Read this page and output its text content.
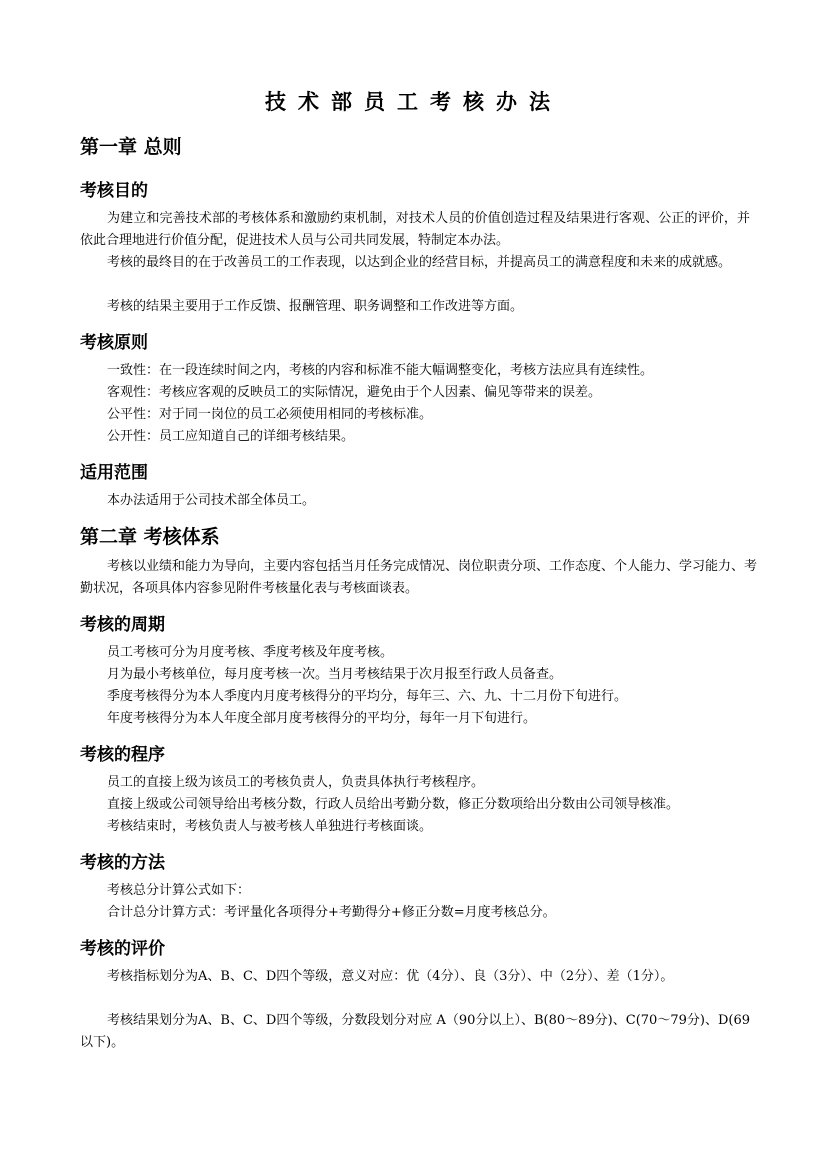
技术部员工考核办法
第一章 总则
考核目的

为建立和完善技术部的考核体系和激励约束机制，对技术人员的价值创造过程及结果进行客观、公正的评价，并依此合理地进行价值分配，促进技术人员与公司共同发展，特制定本办法。

考核的最终目的在于改善员工的工作表现，以达到企业的经营目标，并提高员工的满意程度和未来的成就感。

考核的结果主要用于工作反馈、报酬管理、职务调整和工作改进等方面。

考核原则

一致性：在一段连续时间之内，考核的内容和标准不能大幅调整变化，考核方法应具有连续性。

客观性：考核应客观的反映员工的实际情况，避免由于个人因素、偏见等带来的误差。

公平性：对于同一岗位的员工必须使用相同的考核标准。

公开性：员工应知道自己的详细考核结果。

适用范围

本办法适用于公司技术部全体员工。

第二章 考核体系

考核以业绩和能力为导向，主要内容包括当月任务完成情况、岗位职责分项、工作态度、个人能力、学习能力、考勤状况，各项具体内容参见附件考核量化表与考核面谈表。

考核的周期

员工考核可分为月度考核、季度考核及年度考核。

月为最小考核单位，每月度考核一次。当月考核结果于次月报至行政人员备查。

季度考核得分为本人季度内月度考核得分的平均分，每年三、六、九、十二月份下旬进行。

年度考核得分为本人年度全部月度考核得分的平均分，每年一月下旬进行。

考核的程序

员工的直接上级为该员工的考核负责人，负责具体执行考核程序。

直接上级或公司领导给出考核分数，行政人员给出考勤分数，修正分数项给出分数由公司领导核准。

考核结束时，考核负责人与被考核人单独进行考核面谈。

考核的方法

考核总分计算公式如下：

合计总分计算方式：考评量化各项得分+考勤得分+修正分数=月度考核总分。

考核的评价

考核指标划分为A、B、C、D四个等级，意义对应：优（4分）、良（3分）、中（2分）、差（1分）。

考核结果划分为A、B、C、D四个等级，分数段划分对应 A（90分以上）、B(80～89分)、C(70～79分)、D(69以下)。
